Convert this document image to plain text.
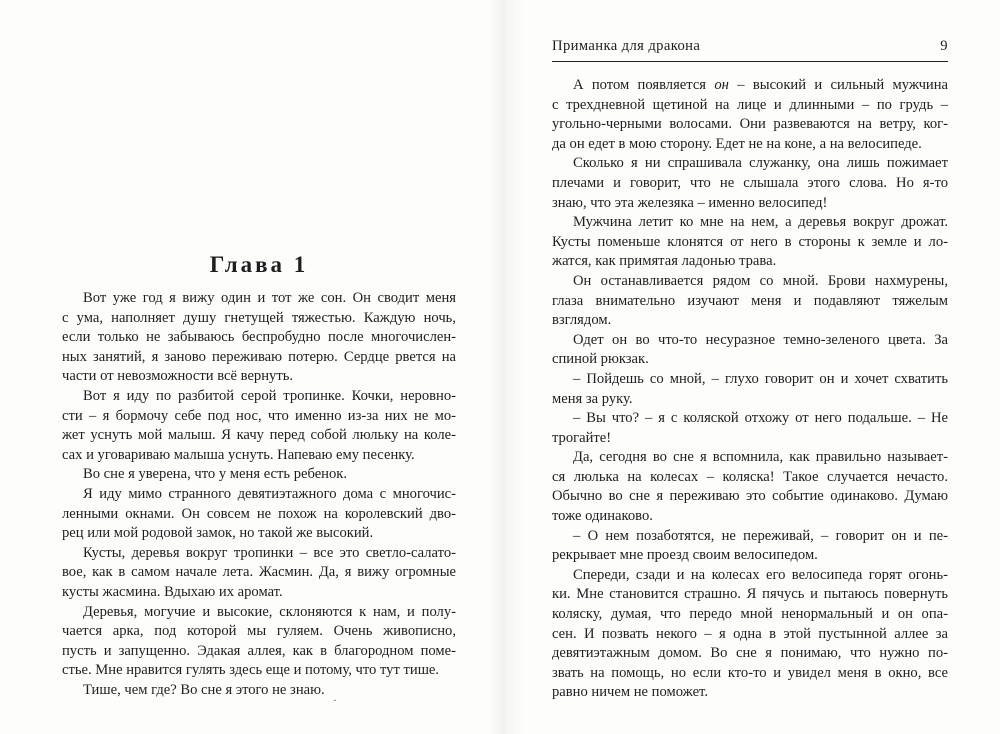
Глава 1
Вот уже год я вижу один и тот же сон. Он сводит меня
с ума, наполняет душу гнетущей тяжестью. Каждую ночь,
если только не забываюсь беспробудно после многочислен-
ных занятий, я заново переживаю потерю. Сердце рвется на
части от невозможности всё вернуть.
Вот я иду по разбитой серой тропинке. Кочки, неровно-
сти – я бормочу себе под нос, что именно из-за них не мо-
жет уснуть мой малыш. Я качу перед собой люльку на коле-
сах и уговариваю малыша уснуть. Напеваю ему песенку.
Во сне я уверена, что у меня есть ребенок.
Я иду мимо странного девятиэтажного дома с многочис-
ленными окнами. Он совсем не похож на королевский дво-
рец или мой родовой замок, но такой же высокий.
Кусты, деревья вокруг тропинки – все это светло-салато-
вое, как в самом начале лета. Жасмин. Да, я вижу огромные
кусты жасмина. Вдыхаю их аромат.
Деревья, могучие и высокие, склоняются к нам, и полу-
чается арка, под которой мы гуляем. Очень живописно,
пусть и запущенно. Эдакая аллея, как в благородном поме-
стье. Мне нравится гулять здесь еще и потому, что тут тише.
Тише, чем где? Во сне я этого не знаю.
·
Приманка для дракона	9
А потом появляется он – высокий и сильный мужчина
с трехдневной щетиной на лице и длинными – по грудь –
угольно-черными волосами. Они развеваются на ветру, ког-
да он едет в мою сторону. Едет не на коне, а на велосипеде.
Сколько я ни спрашивала служанку, она лишь пожимает
плечами и говорит, что не слышала этого слова. Но я-то
знаю, что эта железяка – именно велосипед!
Мужчина летит ко мне на нем, а деревья вокруг дрожат.
Кусты поменьше клонятся от него в стороны к земле и ло-
жатся, как примятая ладонью трава.
Он останавливается рядом со мной. Брови нахмурены,
глаза внимательно изучают меня и подавляют тяжелым
взглядом.
Одет он во что-то несуразное темно-зеленого цвета. За
спиной рюкзак.
– Пойдешь со мной, – глухо говорит он и хочет схватить
меня за руку.
– Вы что? – я с коляской отхожу от него подальше. – Не
трогайте!
Да, сегодня во сне я вспомнила, как правильно называет-
ся люлька на колесах – коляска! Такое случается нечасто.
Обычно во сне я переживаю это событие одинаково. Думаю
тоже одинаково.
– О нем позаботятся, не переживай, – говорит он и пе-
рекрывает мне проезд своим велосипедом.
Спереди, сзади и на колесах его велосипеда горят огонь-
ки. Мне становится страшно. Я пячусь и пытаюсь повернуть
коляску, думая, что передо мной ненормальный и он опа-
сен. И позвать некого – я одна в этой пустынной аллее за
девятиэтажным домом. Во сне я понимаю, что нужно по-
звать на помощь, но если кто-то и увидел меня в окно, все
равно ничем не поможет.
